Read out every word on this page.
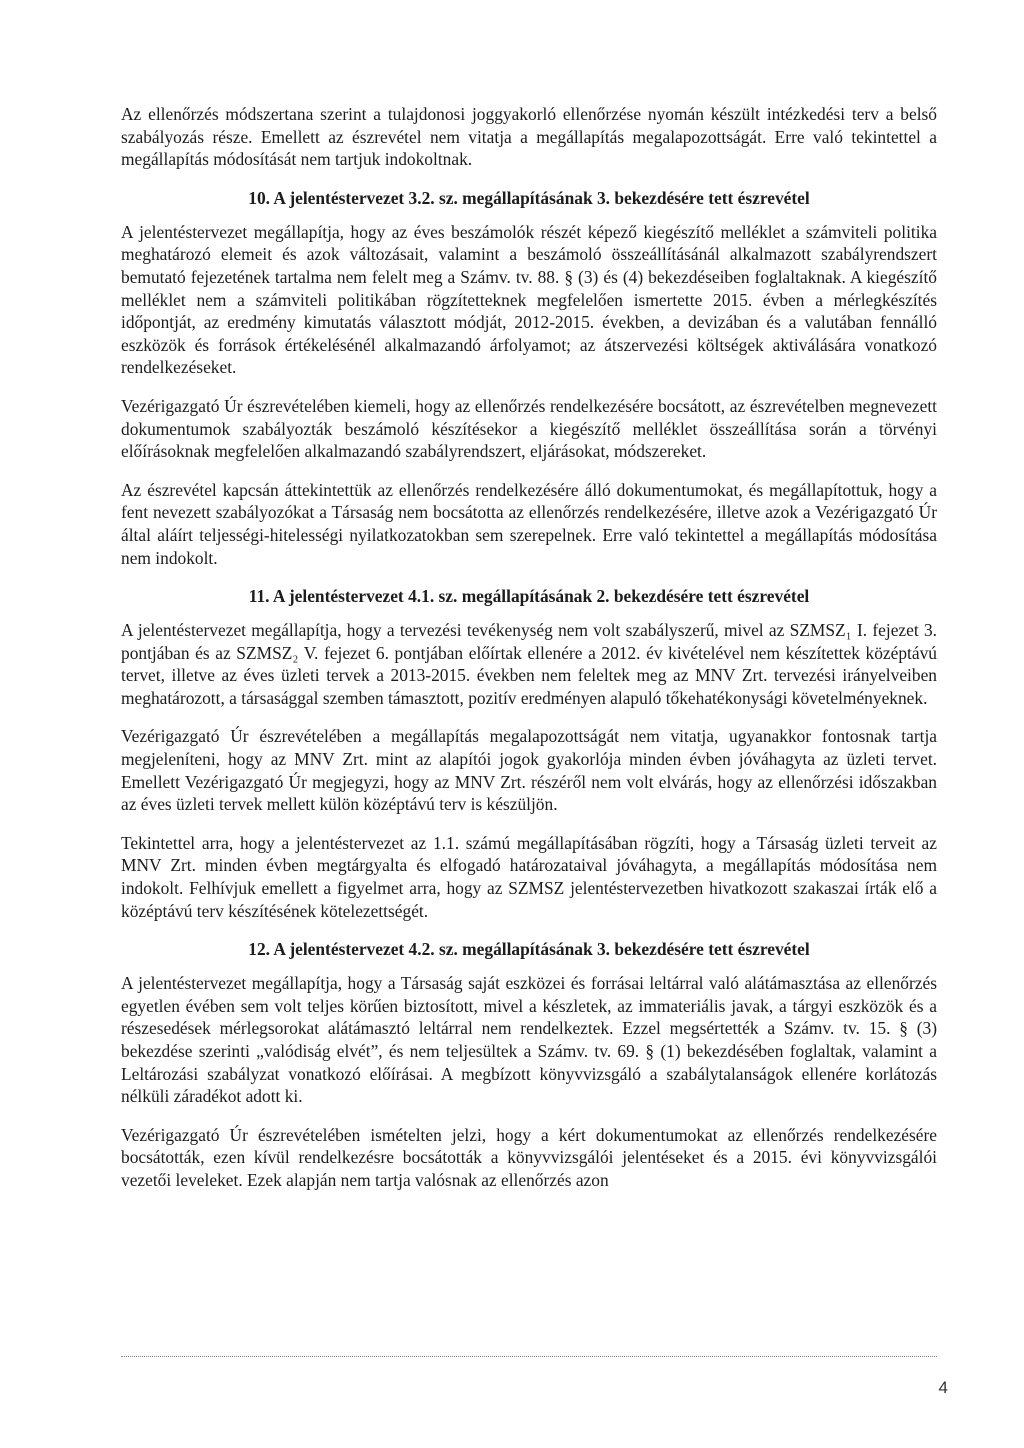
Az ellenőrzés módszertana szerint a tulajdonosi joggyakorló ellenőrzése nyomán készült intézkedési terv a belső szabályozás része. Emellett az észrevétel nem vitatja a megállapítás megalapozottságát. Erre való tekintettel a megállapítás módosítását nem tartjuk indokoltnak.

10. A jelentéstervezet 3.2. sz. megállapításának 3. bekezdésére tett észrevétel

A jelentéstervezet megállapítja, hogy az éves beszámolók részét képező kiegészítő melléklet a számviteli politika meghatározó elemeit és azok változásait, valamint a beszámoló összeállításánál alkalmazott szabályrendszert bemutató fejezetének tartalma nem felelt meg a Számv. tv. 88. § (3) és (4) bekezdéseiben foglaltaknak. A kiegészítő melléklet nem a számviteli politikában rögzítetteknek megfelelően ismertette 2015. évben a mérlegkészítés időpontját, az eredmény kimutatás választott módját, 2012-2015. években, a devizában és a valutában fennálló eszközök és források értékelésénél alkalmazandó árfolyamot; az átszervezési költségek aktiválására vonatkozó rendelkezéseket.

Vezérigazgató Úr észrevételében kiemeli, hogy az ellenőrzés rendelkezésére bocsátott, az észrevételben megnevezett dokumentumok szabályozták beszámoló készítésekor a kiegészítő melléklet összeállítása során a törvényi előírásoknak megfelelően alkalmazandó szabályrendszert, eljárásokat, módszereket.

Az észrevétel kapcsán áttekintettük az ellenőrzés rendelkezésére álló dokumentumokat, és megállapítottuk, hogy a fent nevezett szabályozókat a Társaság nem bocsátotta az ellenőrzés rendelkezésére, illetve azok a Vezérigazgató Úr által aláírt teljességi-hitelességi nyilatkozatokban sem szerepelnek. Erre való tekintettel a megállapítás módosítása nem indokolt.

11. A jelentéstervezet 4.1. sz. megállapításának 2. bekezdésére tett észrevétel

A jelentéstervezet megállapítja, hogy a tervezési tevékenység nem volt szabályszerű, mivel az SZMSZ₁ I. fejezet 3. pontjában és az SZMSZ₂ V. fejezet 6. pontjában előírtak ellenére a 2012. év kivételével nem készítettek középtávú tervet, illetve az éves üzleti tervek a 2013-2015. években nem feleltek meg az MNV Zrt. tervezési irányelveiben meghatározott, a társasággal szemben támasztott, pozitív eredményen alapuló tőkehatékonysági követelményeknek.

Vezérigazgató Úr észrevételében a megállapítás megalapozottságát nem vitatja, ugyanakkor fontosnak tartja megjeleníteni, hogy az MNV Zrt. mint az alapítói jogok gyakorlója minden évben jóváhagyta az üzleti tervet. Emellett Vezérigazgató Úr megjegyzi, hogy az MNV Zrt. részéről nem volt elvárás, hogy az ellenőrzési időszakban az éves üzleti tervek mellett külön középtávú terv is készüljön.

Tekintettel arra, hogy a jelentéstervezet az 1.1. számú megállapításában rögzíti, hogy a Társaság üzleti terveit az MNV Zrt. minden évben megtárgyalta és elfogadó határozataival jóváhagyta, a megállapítás módosítása nem indokolt. Felhívjuk emellett a figyelmet arra, hogy az SZMSZ jelentéstervezetben hivatkozott szakaszai írták elő a középtávú terv készítésének kötelezettségét.

12. A jelentéstervezet 4.2. sz. megállapításának 3. bekezdésére tett észrevétel

A jelentéstervezet megállapítja, hogy a Társaság saját eszközei és forrásai leltárral való alátámasztása az ellenőrzés egyetlen évében sem volt teljes körűen biztosított, mivel a készletek, az immateriális javak, a tárgyi eszközök és a részesedések mérlegsorokat alátámasztó leltárral nem rendelkeztek. Ezzel megsértették a Számv. tv. 15. § (3) bekezdése szerinti „valódiság elvét”, és nem teljesültek a Számv. tv. 69. § (1) bekezdésében foglaltak, valamint a Leltározási szabályzat vonatkozó előírásai. A megbízott könyvvizsgáló a szabálytalanságok ellenére korlátozás nélküli záradékot adott ki.

Vezérigazgató Úr észrevételében ismételten jelzi, hogy a kért dokumentumokat az ellenőrzés rendelkezésére bocsátották, ezen kívül rendelkezésre bocsátották a könyvvizsgálói jelentéseket és a 2015. évi könyvvizsgálói vezetői leveleket. Ezek alapján nem tartja valósnak az ellenőrzés azon

4
